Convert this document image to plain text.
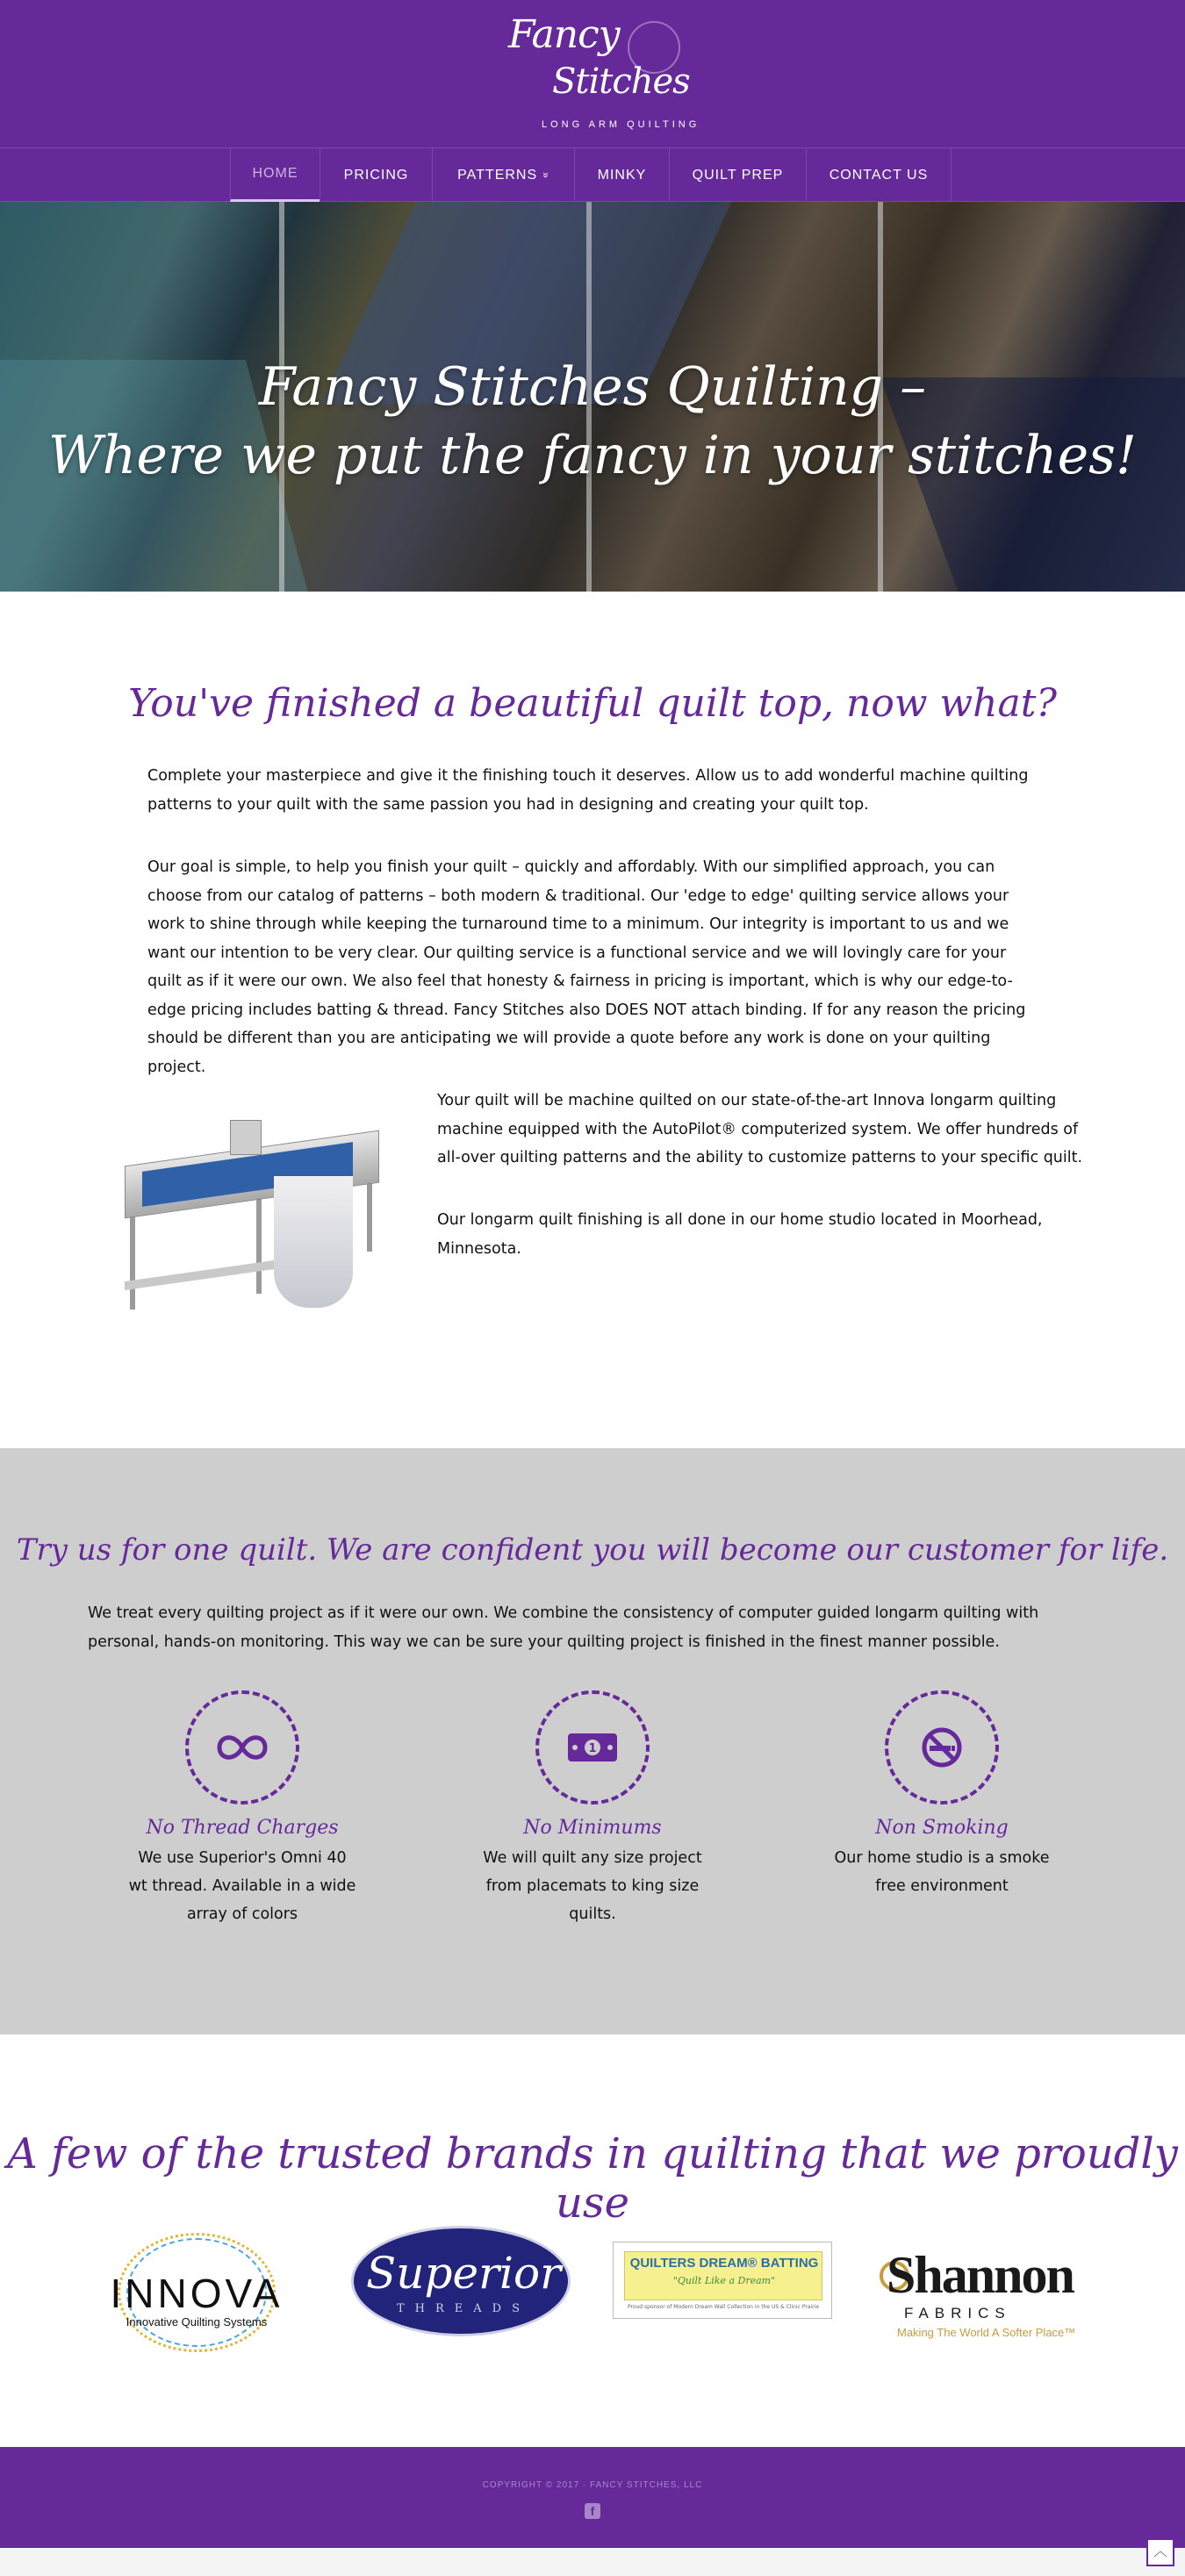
Fancy
Stitches
LONG ARM QUILTING
HOME	PRICING	PATTERNS »	MINKY	QUILT PREP	CONTACT US
Fancy Stitches Quilting –
Where we put the fancy in your stitches!
You've finished a beautiful quilt top, now what?

Complete your masterpiece and give it the finishing touch it deserves. Allow us to add wonderful machine quilting patterns to your quilt with the same passion you had in designing and creating your quilt top.

Our goal is simple, to help you finish your quilt – quickly and affordably. With our simplified approach, you can choose from our catalog of patterns – both modern & traditional. Our 'edge to edge' quilting service allows your work to shine through while keeping the turnaround time to a minimum. Our integrity is important to us and we want our intention to be very clear. Our quilting service is a functional service and we will lovingly care for your quilt as if it were our own. We also feel that honesty & fairness in pricing is important, which is why our edge-to-edge pricing includes batting & thread. Fancy Stitches also DOES NOT attach binding. If for any reason the pricing should be different than you are anticipating we will provide a quote before any work is done on your quilting project.

Your quilt will be machine quilted on our state-of-the-art Innova longarm quilting machine equipped with the AutoPilot® computerized system. We offer hundreds of all-over quilting patterns and the ability to customize patterns to your specific quilt.

Our longarm quilt finishing is all done in our home studio located in Moorhead, Minnesota.

Try us for one quilt. We are confident you will become our customer for life.

We treat every quilting project as if it were our own. We combine the consistency of computer guided longarm quilting with personal, hands-on monitoring. This way we can be sure your quilting project is finished in the finest manner possible.

No Thread Charges
We use Superior's Omni 40 wt thread. Available in a wide array of colors
1
No Minimums
We will quilt any size project from placemats to king size quilts.
Non Smoking
Our home studio is a smoke free environment
A few of the trusted brands in quilting that we proudly use
INNOVA
Innovative Quilting Systems
Superior
THREADS
QUILTERS DREAM® BATTING
"Quilt Like a Dream"
Proud sponsor of Modern Dream Wall Collection in the US & Clinic Prairie
Shannon
FABRICS
Making The World A Softer Place™
COPYRIGHT © 2017 · FANCY STITCHES, LLC
f
︿
